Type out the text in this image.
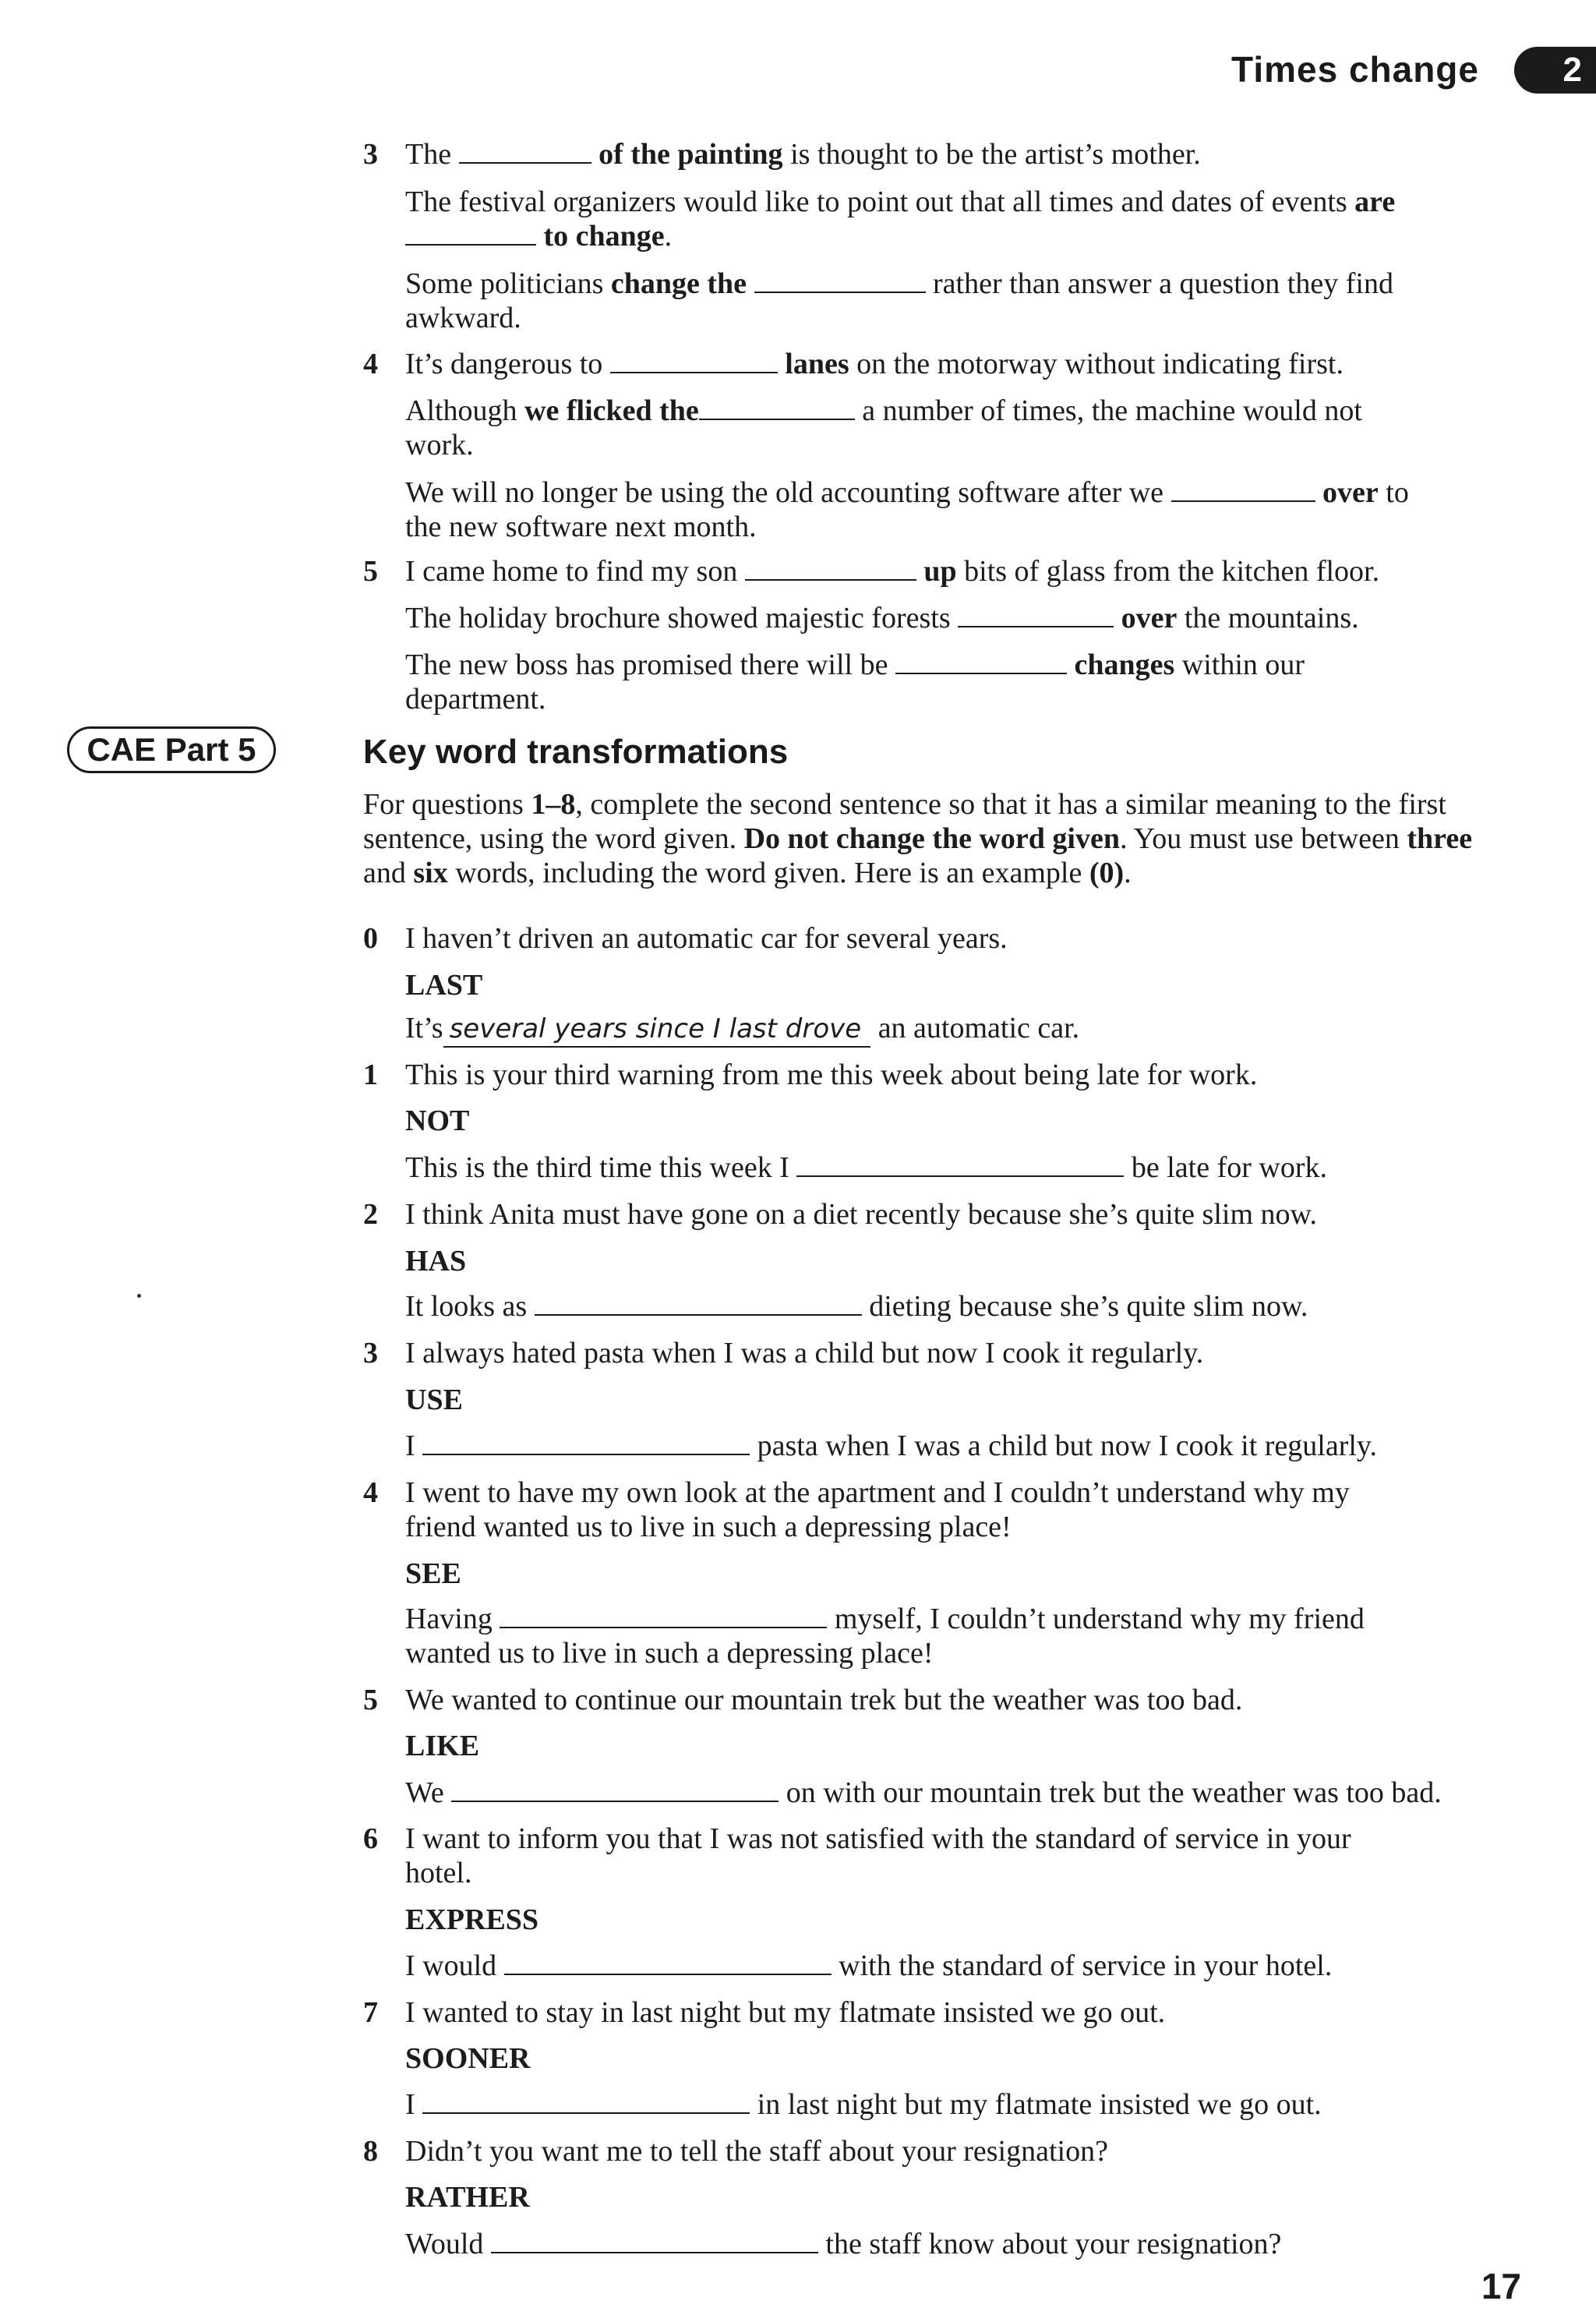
Times change 2
3 The	of the painting is thought to be the artist’s mother.
The festival organizers would like to point out that all times and dates of events are
to change.
Some politicians change the	rather than answer a question they find
awkward.
4 It’s dangerous to	lanes on the motorway without indicating first.
Although we flicked the	a number of times, the machine would not
work.
We will no longer be using the old accounting software after we	over to
the new software next month.
5 I came home to find my son	up bits of glass from the kitchen floor.
The holiday brochure showed majestic forests	over the mountains.
The new boss has promised there will be	changes within our
department.
CAE Part 5	Key word transformations
For questions 1–8, complete the second sentence so that it has a similar meaning to the first sentence, using the word given. Do not change the word given. You must use between three and six words, including the word given. Here is an example (0).
0 I haven’t driven an automatic car for several years.
LAST
It’s several years since I last drove an automatic car.
1 This is your third warning from me this week about being late for work.
NOT
This is the third time this week I	be late for work.
2 I think Anita must have gone on a diet recently because she’s quite slim now.
HAS
It looks as	dieting because she’s quite slim now.
3 I always hated pasta when I was a child but now I cook it regularly.
USE
I	pasta when I was a child but now I cook it regularly.
4 I went to have my own look at the apartment and I couldn’t understand why my
friend wanted us to live in such a depressing place!
SEE
Having	myself, I couldn’t understand why my friend
wanted us to live in such a depressing place!
5 We wanted to continue our mountain trek but the weather was too bad.
LIKE
We	on with our mountain trek but the weather was too bad.
6 I want to inform you that I was not satisfied with the standard of service in your
hotel.
EXPRESS
I would	with the standard of service in your hotel.
7 I wanted to stay in last night but my flatmate insisted we go out.
SOONER
I	in last night but my flatmate insisted we go out.
8 Didn’t you want me to tell the staff about your resignation?
RATHER
Would	the staff know about your resignation?
17
